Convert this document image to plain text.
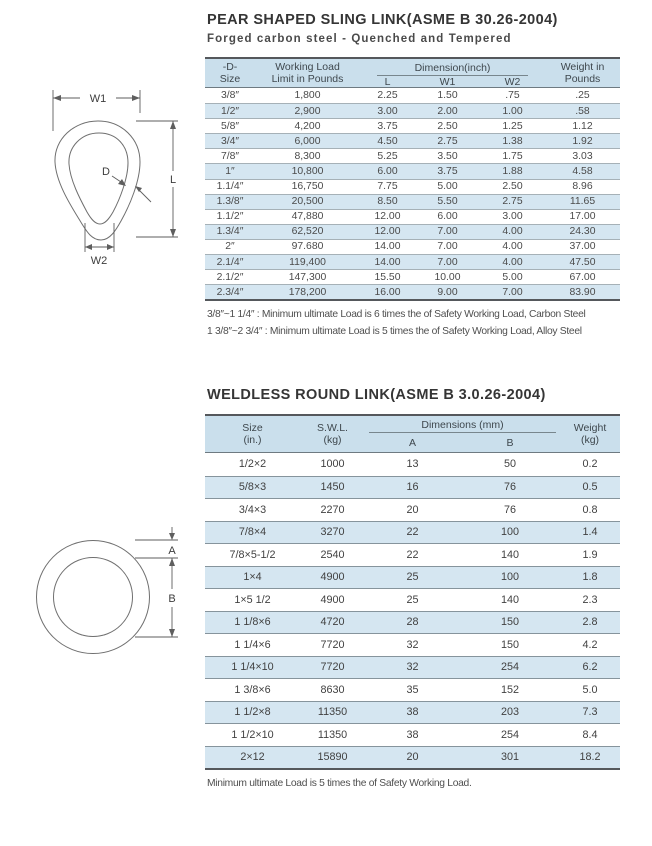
PEAR SHAPED SLING LINK(ASME B 30.26-2004)
Forged carbon steel - Quenched and Tempered
W1
L
W2
D
-D-
Size
Working Load
Limit in Pounds
Dimension(inch)
L	W1	W2
Weight in
Pounds
3/8″	1,800	2.25	1.50	.75	.25
1/2″	2,900	3.00	2.00	1.00	.58
5/8″	4,200	3.75	2.50	1.25	1.12
3/4″	6,000	4.50	2.75	1.38	1.92
7/8″	8,300	5.25	3.50	1.75	3.03
1″	10,800	6.00	3.75	1.88	4.58
1.1/4″	16,750	7.75	5.00	2.50	8.96
1.3/8″	20,500	8.50	5.50	2.75	11.65
1.1/2″	47,880	12.00	6.00	3.00	17.00
1.3/4″	62,520	12.00	7.00	4.00	24.30
2″	97.680	14.00	7.00	4.00	37.00
2.1/4″	119,400	14.00	7.00	4.00	47.50
2.1/2″	147,300	15.50	10.00	5.00	67.00
2.3/4″	178,200	16.00	9.00	7.00	83.90
3/8″~1 1/4″ : Minimum ultimate Load is 6 times the of Safety Working Load, Carbon Steel
1 3/8″~2 3/4″ : Minimum ultimate Load is 5 times the of Safety Working Load, Alloy Steel
WELDLESS ROUND LINK(ASME B 3.0.26-2004)
A
B
Size
(in.)
S.W.L.
(kg)
Dimensions (mm)
A	B
Weight
(kg)
1/2×2	1000	13	50	0.2
5/8×3	1450	16	76	0.5
3/4×3	2270	20	76	0.8
7/8×4	3270	22	100	1.4
7/8×5-1/2	2540	22	140	1.9
1×4	4900	25	100	1.8
1×5 1/2	4900	25	140	2.3
1 1/8×6	4720	28	150	2.8
1 1/4×6	7720	32	150	4.2
1 1/4×10	7720	32	254	6.2
1 3/8×6	8630	35	152	5.0
1 1/2×8	11350	38	203	7.3
1 1/2×10	11350	38	254	8.4
2×12	15890	20	301	18.2
Minimum ultimate Load is 5 times the of Safety Working Load.
